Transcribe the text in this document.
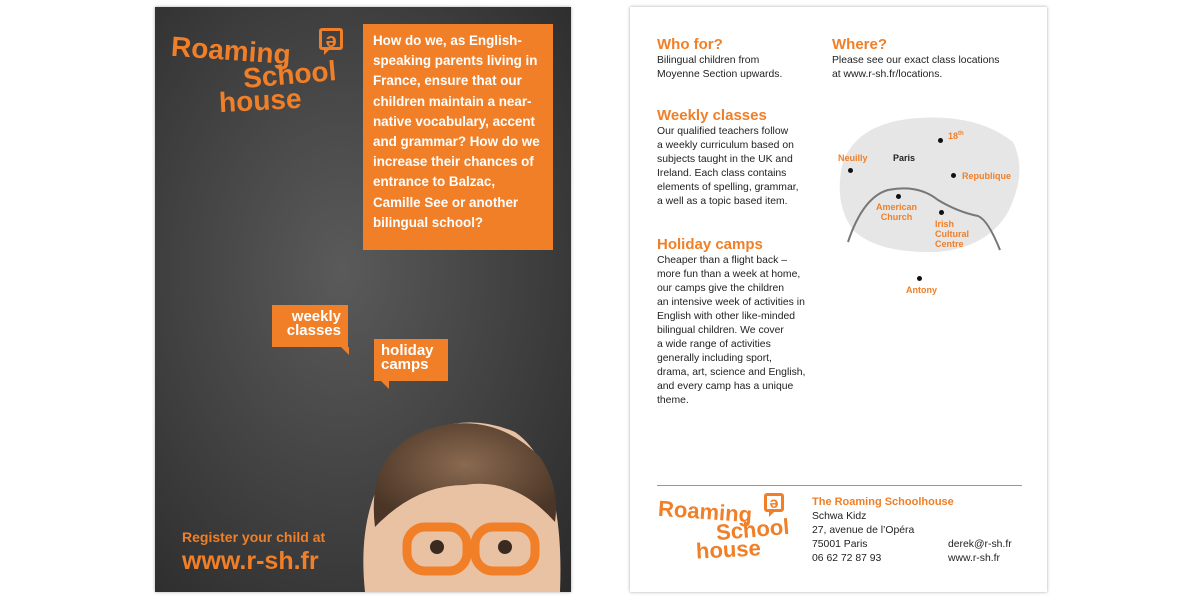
Roaming
School
house
ə	How do we, as English-speaking parents living in France, ensure that our children maintain a near-native vocabulary, accent and grammar? How do we increase their chances of entrance to Balzac, Camille See or another bilingual school?
weekly
classes
holiday
camps
Register your child at
www.r-sh.fr
Who for?
Bilingual children from
Moyenne Section upwards.
Where?
Please see our exact class locations
at www.r-sh.fr/locations.
Weekly classes
Our qualified teachers follow
a weekly curriculum based on
subjects taught in the UK and
Ireland. Each class contains
elements of spelling, grammar,
a well as a topic based item.
Holiday camps
Cheaper than a flight back –
more fun than a week at home,
our camps give the children
an intensive week of activities in
English with other like-minded
bilingual children. We cover
a wide range of activities
generally including sport,
drama, art, science and English,
and every camp has a unique
theme.
18th
Neuilly	Paris
Republique
American
Church
Irish
Cultural
Centre
Antony
Roaming
School
house
ə	The Roaming Schoolhouse
Schwa Kidz
27, avenue de l’Opéra
75001 Paris
06 62 72 87 93
derek@r-sh.fr
www.r-sh.fr
